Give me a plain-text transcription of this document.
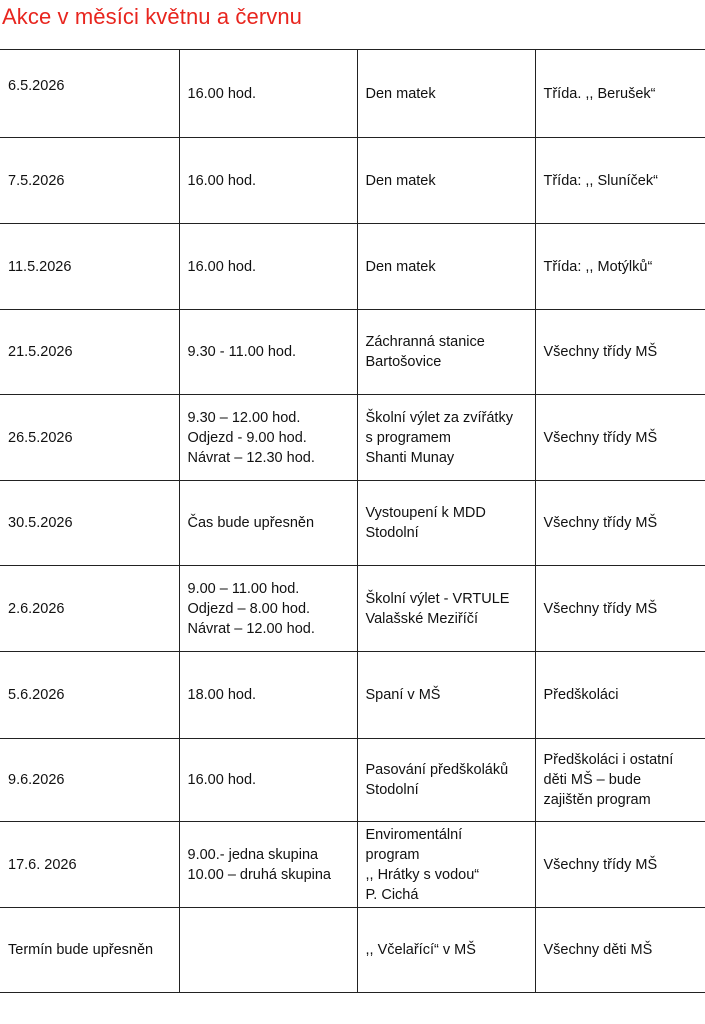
Akce v měsíci květnu a červnu
6.5.2026	16.00 hod.	Den matek	Třída. ,, Berušek“

7.5.2026	16.00 hod.	Den matek	Třída: ,, Sluníček“

11.5.2026	16.00 hod.	Den matek	Třída: ,, Motýlků“

21.5.2026	9.30 - 11.00 hod.	Záchranná stanice
Bartošovice	Všechny třídy MŠ

26.5.2026	9.30 – 12.00 hod.
Odjezd - 9.00 hod.
Návrat – 12.30 hod.	Školní výlet za zvířátky
s programem
Shanti Munay	Všechny třídy MŠ

30.5.2026	Čas bude upřesněn	Vystoupení k MDD
Stodolní	Všechny třídy MŠ

2.6.2026	9.00 – 11.00 hod.
Odjezd – 8.00 hod.
Návrat – 12.00 hod.	Školní výlet - VRTULE
Valašské Meziříčí	Všechny třídy MŠ

5.6.2026	18.00 hod.	Spaní v MŠ	Předškoláci

9.6.2026	16.00 hod.	Pasování předškoláků
Stodolní	Předškoláci i ostatní
děti MŠ – bude
zajištěn program

17.6. 2026	9.00.- jedna skupina
10.00 – druhá skupina	Enviromentální
program
,, Hrátky s vodou“
P. Cichá	Všechny třídy MŠ

Termín bude upřesněn		,, Včelařící“ v MŠ	Všechny děti MŠ
